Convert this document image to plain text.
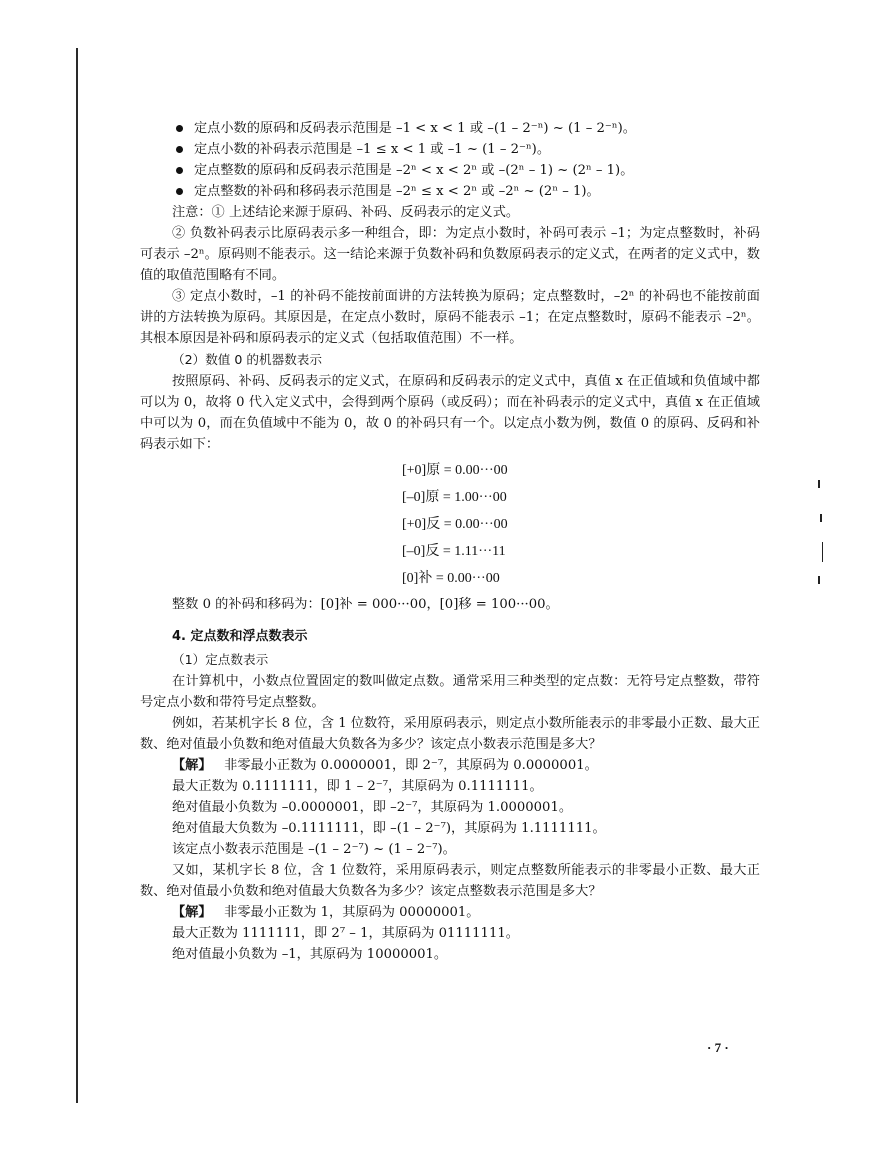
定点小数的原码和反码表示范围是 –1 < x < 1 或 –(1 – 2⁻ⁿ) ~ (1 – 2⁻ⁿ)。
定点小数的补码表示范围是 –1 ≤ x < 1 或 –1 ~ (1 – 2⁻ⁿ)。
定点整数的原码和反码表示范围是 –2ⁿ < x < 2ⁿ 或 –(2ⁿ – 1) ~ (2ⁿ – 1)。
定点整数的补码和移码表示范围是 –2ⁿ ≤ x < 2ⁿ 或 –2ⁿ ~ (2ⁿ – 1)。

注意：① 上述结论来源于原码、补码、反码表示的定义式。

② 负数补码表示比原码表示多一种组合，即：为定点小数时，补码可表示 –1；为定点整数时，补码可表示 –2ⁿ。原码则不能表示。这一结论来源于负数补码和负数原码表示的定义式，在两者的定义式中，数值的取值范围略有不同。

③ 定点小数时，–1 的补码不能按前面讲的方法转换为原码；定点整数时，–2ⁿ 的补码也不能按前面讲的方法转换为原码。其原因是，在定点小数时，原码不能表示 –1；在定点整数时，原码不能表示 –2ⁿ。其根本原因是补码和原码表示的定义式（包括取值范围）不一样。

（2）数值 0 的机器数表示

按照原码、补码、反码表示的定义式，在原码和反码表示的定义式中，真值 x 在正值域和负值域中都可以为 0，故将 0 代入定义式中，会得到两个原码（或反码）；而在补码表示的定义式中，真值 x 在正值域中可以为 0，而在负值域中不能为 0，故 0 的补码只有一个。以定点小数为例，数值 0 的原码、反码和补码表示如下：

[+0]原 = 0.00···00
[–0]原 = 1.00···00
[+0]反 = 0.00···00
[–0]反 = 1.11···11
[0]补 = 0.00···00

整数 0 的补码和移码为：[0]补 = 000···00，[0]移 = 100···00。

4. 定点数和浮点数表示
（1）定点数表示

在计算机中，小数点位置固定的数叫做定点数。通常采用三种类型的定点数：无符号定点整数，带符号定点小数和带符号定点整数。

例如，若某机字长 8 位，含 1 位数符，采用原码表示，则定点小数所能表示的非零最小正数、最大正数、绝对值最小负数和绝对值最大负数各为多少？该定点小数表示范围是多大？

【解】 非零最小正数为 0.0000001，即 2⁻⁷，其原码为 0.0000001。

最大正数为 0.1111111，即 1 – 2⁻⁷，其原码为 0.1111111。

绝对值最小负数为 –0.0000001，即 –2⁻⁷，其原码为 1.0000001。

绝对值最大负数为 –0.1111111，即 –(1 – 2⁻⁷)，其原码为 1.1111111。

该定点小数表示范围是 –(1 – 2⁻⁷) ~ (1 – 2⁻⁷)。

又如，某机字长 8 位，含 1 位数符，采用原码表示，则定点整数所能表示的非零最小正数、最大正数、绝对值最小负数和绝对值最大负数各为多少？该定点整数表示范围是多大？

【解】 非零最小正数为 1，其原码为 00000001。

最大正数为 1111111，即 2⁷ – 1，其原码为 01111111。

绝对值最小负数为 –1，其原码为 10000001。

· 7 ·
